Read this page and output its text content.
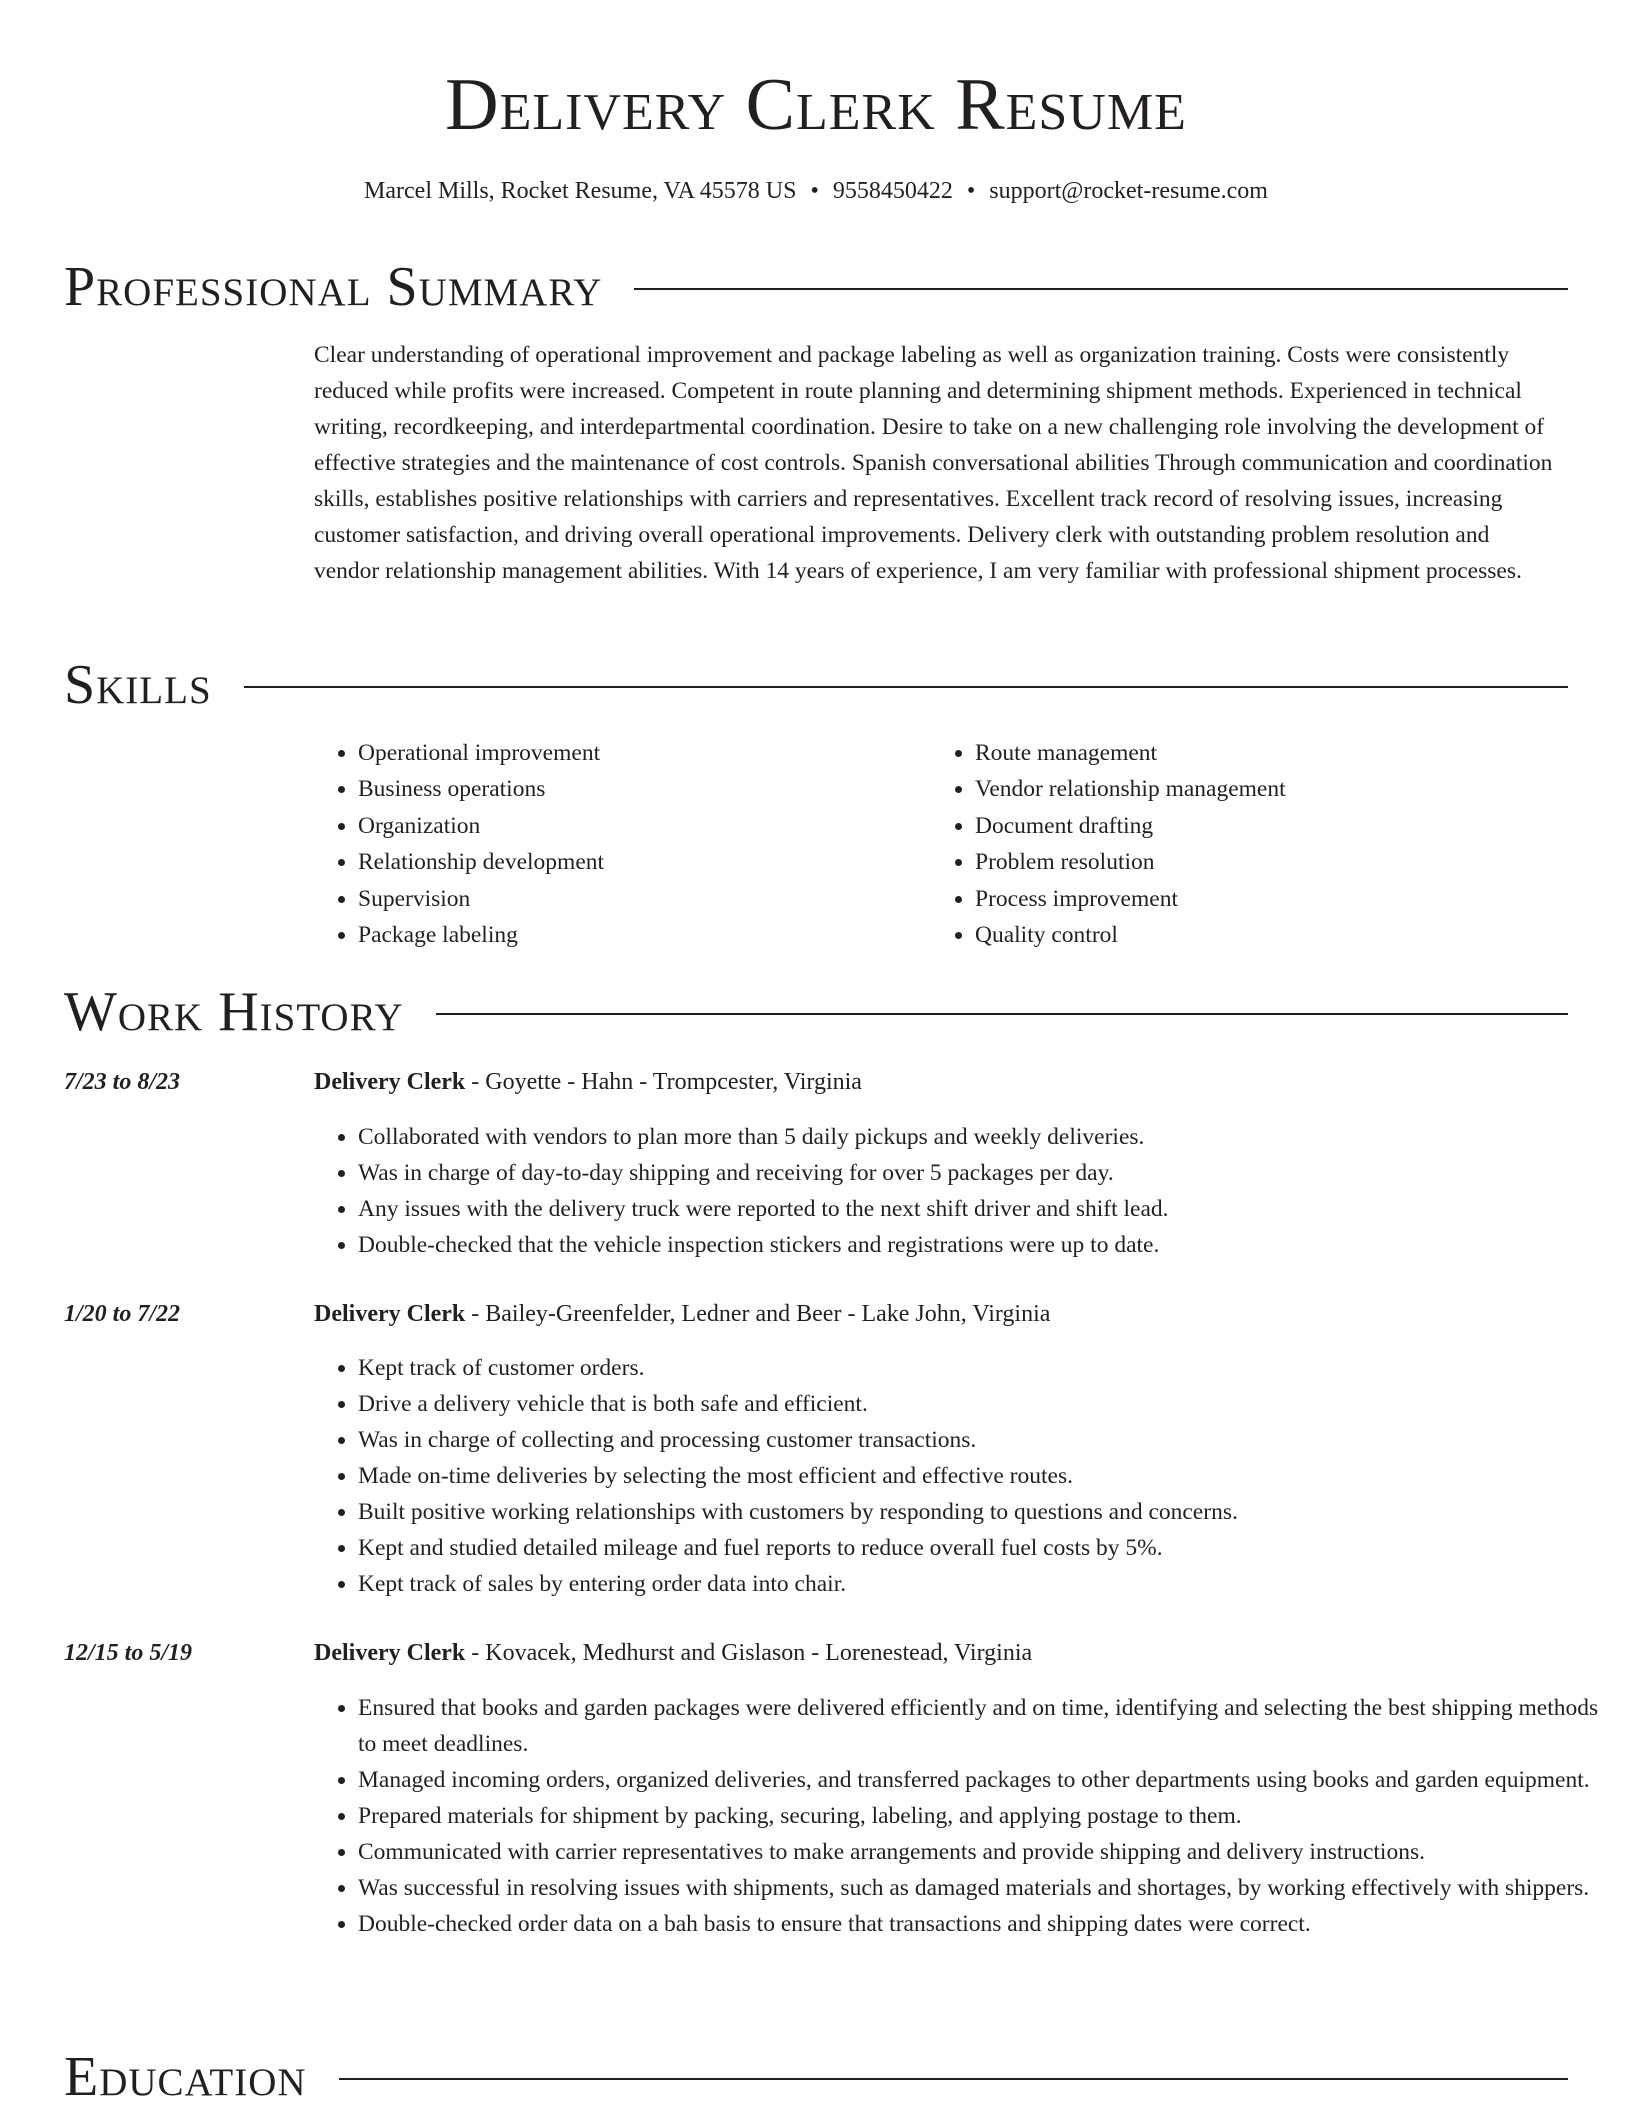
Delivery Clerk Resume
Marcel Mills, Rocket Resume, VA 45578 US • 9558450422 • support@rocket-resume.com
Professional Summary

Clear understanding of operational improvement and package labeling as well as organization training. Costs were consistently reduced while profits were increased. Competent in route planning and determining shipment methods. Experienced in technical writing, recordkeeping, and interdepartmental coordination. Desire to take on a new challenging role involving the development of effective strategies and the maintenance of cost controls. Spanish conversational abilities Through communication and coordination skills, establishes positive relationships with carriers and representatives. Excellent track record of resolving issues, increasing customer satisfaction, and driving overall operational improvements. Delivery clerk with outstanding problem resolution and vendor relationship management abilities. With 14 years of experience, I am very familiar with professional shipment processes.

Skills
• Operational improvement
• Business operations
• Organization
• Relationship development
• Supervision
• Package labeling
• Route management
• Vendor relationship management
• Document drafting
• Problem resolution
• Process improvement
• Quality control
Work History
7/23 to 8/23	Delivery Clerk - Goyette - Hahn - Trompcester, Virginia
• Collaborated with vendors to plan more than 5 daily pickups and weekly deliveries.
• Was in charge of day-to-day shipping and receiving for over 5 packages per day.
• Any issues with the delivery truck were reported to the next shift driver and shift lead.
• Double-checked that the vehicle inspection stickers and registrations were up to date.
1/20 to 7/22	Delivery Clerk - Bailey-Greenfelder, Ledner and Beer - Lake John, Virginia
• Kept track of customer orders.
• Drive a delivery vehicle that is both safe and efficient.
• Was in charge of collecting and processing customer transactions.
• Made on-time deliveries by selecting the most efficient and effective routes.
• Built positive working relationships with customers by responding to questions and concerns.
• Kept and studied detailed mileage and fuel reports to reduce overall fuel costs by 5%.
• Kept track of sales by entering order data into chair.
12/15 to 5/19	Delivery Clerk - Kovacek, Medhurst and Gislason - Lorenestead, Virginia
• Ensured that books and garden packages were delivered efficiently and on time, identifying and selecting the best shipping methods to meet deadlines.
• Managed incoming orders, organized deliveries, and transferred packages to other departments using books and garden equipment.
• Prepared materials for shipment by packing, securing, labeling, and applying postage to them.
• Communicated with carrier representatives to make arrangements and provide shipping and delivery instructions.
• Was successful in resolving issues with shipments, such as damaged materials and shortages, by working effectively with shippers.
• Double-checked order data on a bah basis to ensure that transactions and shipping dates were correct.
Education
